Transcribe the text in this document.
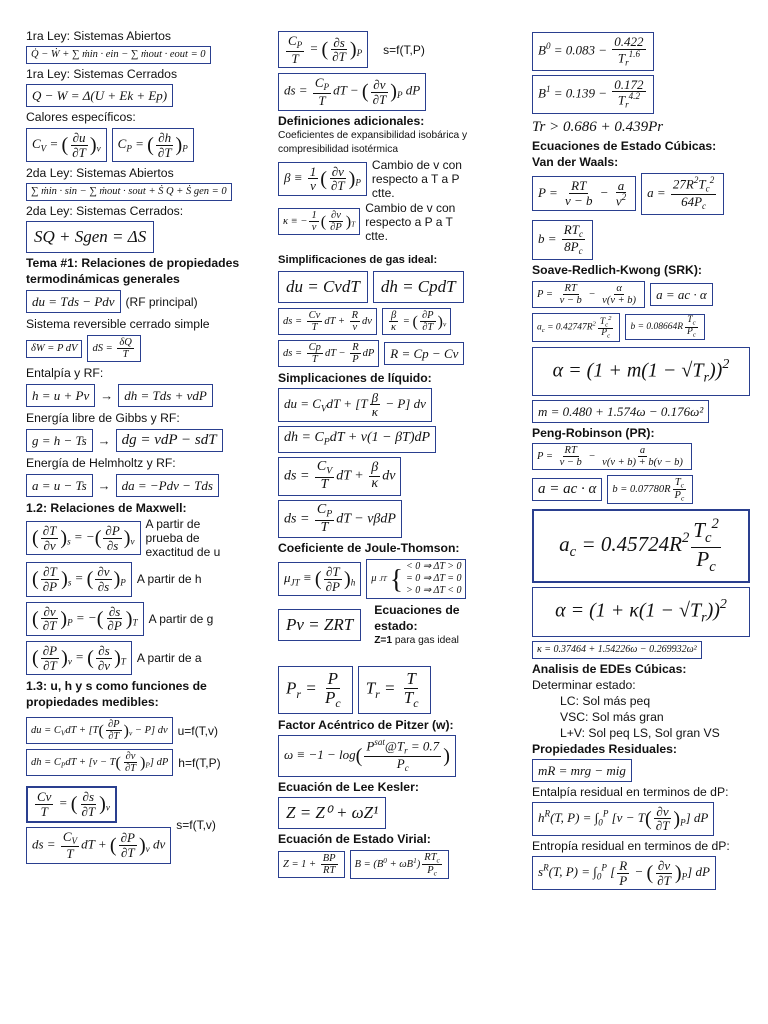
1ra Ley: Sistemas Abiertos

Q̇ − Ẇ + ∑ ṁin · ein − ∑ ṁout · eout = 0

1ra Ley: Sistemas Cerrados

Q − W = Δ(U + Ek + Ep)

Calores específicos:

$C_V$ = ( $\frac{\partial u}{\partial T} )_v$	$C_P$ = ( $\frac{\partial h}{\partial T} )_P$

2da Ley: Sistemas Abiertos

∑ ṁin · sin − ∑ ṁout · sout + Ṡ Q + Ṡ gen = 0

2da Ley: Sistemas Cerrados:

SQ + Sgen = ΔS

Tema #1: Relaciones de propiedades termodinámicas generales

du = Tds − Pdv (RF principal)

Sistema reversible cerrado simple

δW = P dV	dS = $\frac{\delta Q}{T}$

Entalpía y RF:

h = u + Pv → dh = Tds + vdP

Energía libre de Gibbs y RF:

g = h − Ts → dg = vdP − sdT

Energía de Helmholtz y RF:

a = u − Ts → da = −Pdv − Tds

1.2: Relaciones de Maxwell:

( $\frac{\partial T}{\partial v} )_s$ = −( $\frac{\partial P}{\partial s} )_v$
A partir de prueba de exactitud de u
( $\frac{\partial T}{\partial P} )_s$ = ( $\frac{\partial v}{\partial s} )_P$ A partir de h
( $\frac{\partial v}{\partial T} )_P$ = −( $\frac{\partial s}{\partial P} )_T$ A partir de g
( $\frac{\partial P}{\partial T} )_v$ = ( $\frac{\partial s}{\partial v} )_T$ A partir de a

1.3: u, h y s como funciones de propiedades medibles:

du = $C_VdT + [T( \frac{\partial P}{\partial T} )_v - P]$ dv u=f(T,v)
dh = $C_PdT + [v - T( \frac{\partial v}{\partial T} )_P]$ dP h=f(T,P)
$\frac{Cv}{T}$ = ( $\frac{\partial s}{\partial T} )_v$
ds = $\frac{C_V}{T}$ dT + ( $\frac{\partial P}{\partial T} )_v$ dv
s=f(T,v)
$\frac{C_P}{T}$ = ( $\frac{\partial s}{\partial T} )_P$	s=f(T,P)
ds = $\frac{C_P}{T}$ dT − ( $\frac{\partial v}{\partial T} )_P$ dP

Definiciones adicionales:

Coeficientes de expansibilidad isobárica y compresibilidad isotérmica

$\beta \equiv \frac{1}{v}$ ( $\frac{\partial v}{\partial T} )_P$
Cambio de v con respecto a T a P ctte.
κ ≡ − $\frac{1}{v}$ ( $\frac{\partial v}{\partial P} )_T$
Cambio de v con respecto a P a T ctte.

Simplificaciones de gas ideal:

du = CvdT	dh = CpdT
ds = $\frac{Cv}{T}$ dT + $\frac{R}{v}$ dv	$\frac{\beta}{\kappa}$ = ( $\frac{\partial P}{\partial T} )_v$
ds = $\frac{Cp}{T}$ dT − $\frac{R}{P}$ dP	R = Cp − Cv

Simplicaciones de líquido:

du = $C_VdT + [T \frac{\beta}{\kappa} - P]$ dv
dh = $C_PdT + v(1 - \beta T)dP$
ds = $\frac{C_V}{T}$ dT + $\frac{\beta}{\kappa}$ dv
ds = $\frac{C_P}{T}$ dT − vβdP

Coeficiente de Joule-Thomson:

$\mu_{JT}$ ≡ ( $\frac{\partial T}{\partial P} )_h$	μ JT { < 0 ⇒ ΔT > 0
= 0 ⇒ ΔT = 0
> 0 ⇒ ΔT < 0
Pv = ZRT

Ecuaciones de estado:

Z=1 para gas ideal

$P_r = \frac{P}{P_c}$	$T_r = \frac{T}{T_c}$

Factor Acéntrico de Pitzer (w):

$\omega \equiv -1 - \log( \frac{P^{sat}@T_r = 0.7}{P_c}$ )

Ecuación de Lee Kesler:

Z = Z⁰ + ωZ¹

Ecuación de Estado Virial:

$Z = 1 + \frac{BP}{RT}$	$B = (B^0 + \omega B^1) \frac{RT_c}{P_c}$
$B^0 = 0.083 - \frac{0.422}{T_r^{1.6}}$

$B^1 = 0.139 - \frac{0.172}{T_r^{4.2}}$

Tr > 0.686 + 0.439Pr

Ecuaciones de Estado Cúbicas:

Van der Waals:

$P = \frac{RT}{v - b} - \frac{a}{v^2}$	$a = \frac{27R^2T_c^2}{64P_c}$
$b = \frac{RT_c}{8P_c}$

Soave-Redlich-Kwong (SRK):

$P = \frac{RT}{v - b} - \frac{\alpha}{v(v + b)}$	a = ac · α
$a_c = 0.42747R^2 \frac{T_c^2}{P_c}$	$b = 0.08664R \frac{T_c}{P_c}$
$\alpha = (1 + m(1 - √T_r))^2$
m = 0.480 + 1.574ω − 0.176ω²

Peng-Robinson (PR):

$P = \frac{RT}{v - b} - \frac{a}{v(v + b) + b(v - b)}$
a = ac · α	$b = 0.07780R \frac{T_c}{P_c}$
$a_c = 0.45724R^2 \frac{T_c^2}{P_c}$

$\alpha = (1 + \kappa(1 - √T_r))^2$
κ = 0.37464 + 1.54226ω − 0.269932ω²

Analisis de EDEs Cúbicas:

Determinar estado:

LC: Sol más peq

VSC: Sol más gran

L+V: Sol peq LS, Sol gran VS

Propiedades Residuales:

mR = mrg − mig

Entalpía residual en terminos de dP:

$h^R(T$, $P) = \int_0^P$ $[v - T( \frac{\partial v}{\partial T} )_P]$ dP

Entropía residual en terminos de dP:

$s^R(T$, $P) = \int_0^P$ [ $\frac{R}{P}$ − ( $\frac{\partial v}{\partial T} )_P$] dP
